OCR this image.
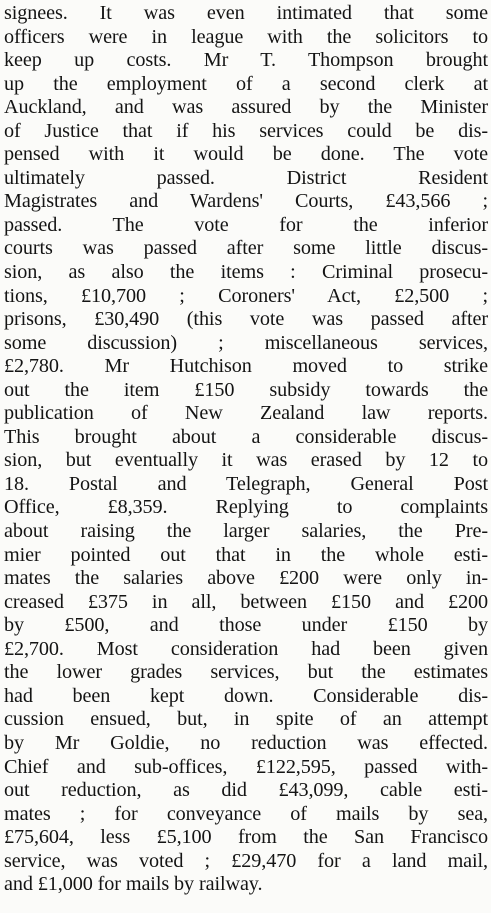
signees. It was even intimated that some
officers were in league with the solicitors to
keep up costs. Mr T. Thompson brought
up the employment of a second clerk at
Auckland, and was assured by the Minister
of Justice that if his services could be dis-
pensed with it would be done. The vote
ultimately passed. District Resident
Magistrates and Wardens' Courts, £43,566 ;
passed. The vote for the inferior
courts was passed after some little discus-
sion, as also the items : Criminal prosecu-
tions, £10,700 ; Coroners' Act, £2,500 ;
prisons, £30,490 (this vote was passed after
some discussion) ; miscellaneous services,
£2,780. Mr Hutchison moved to strike
out the item £150 subsidy towards the
publication of New Zealand law reports.
This brought about a considerable discus-
sion, but eventually it was erased by 12 to
18. Postal and Telegraph, General Post
Office, £8,359. Replying to complaints
about raising the larger salaries, the Pre-
mier pointed out that in the whole esti-
mates the salaries above £200 were only in-
creased £375 in all, between £150 and £200
by £500, and those under £150 by
£2,700. Most consideration had been given
the lower grades services, but the estimates
had been kept down. Considerable dis-
cussion ensued, but, in spite of an attempt
by Mr Goldie, no reduction was effected.
Chief and sub-offices, £122,595, passed with-
out reduction, as did £43,099, cable esti-
mates ; for conveyance of mails by sea,
£75,604, less £5,100 from the San Francisco
service, was voted ; £29,470 for a land mail,
and £1,000 for mails by railway.
